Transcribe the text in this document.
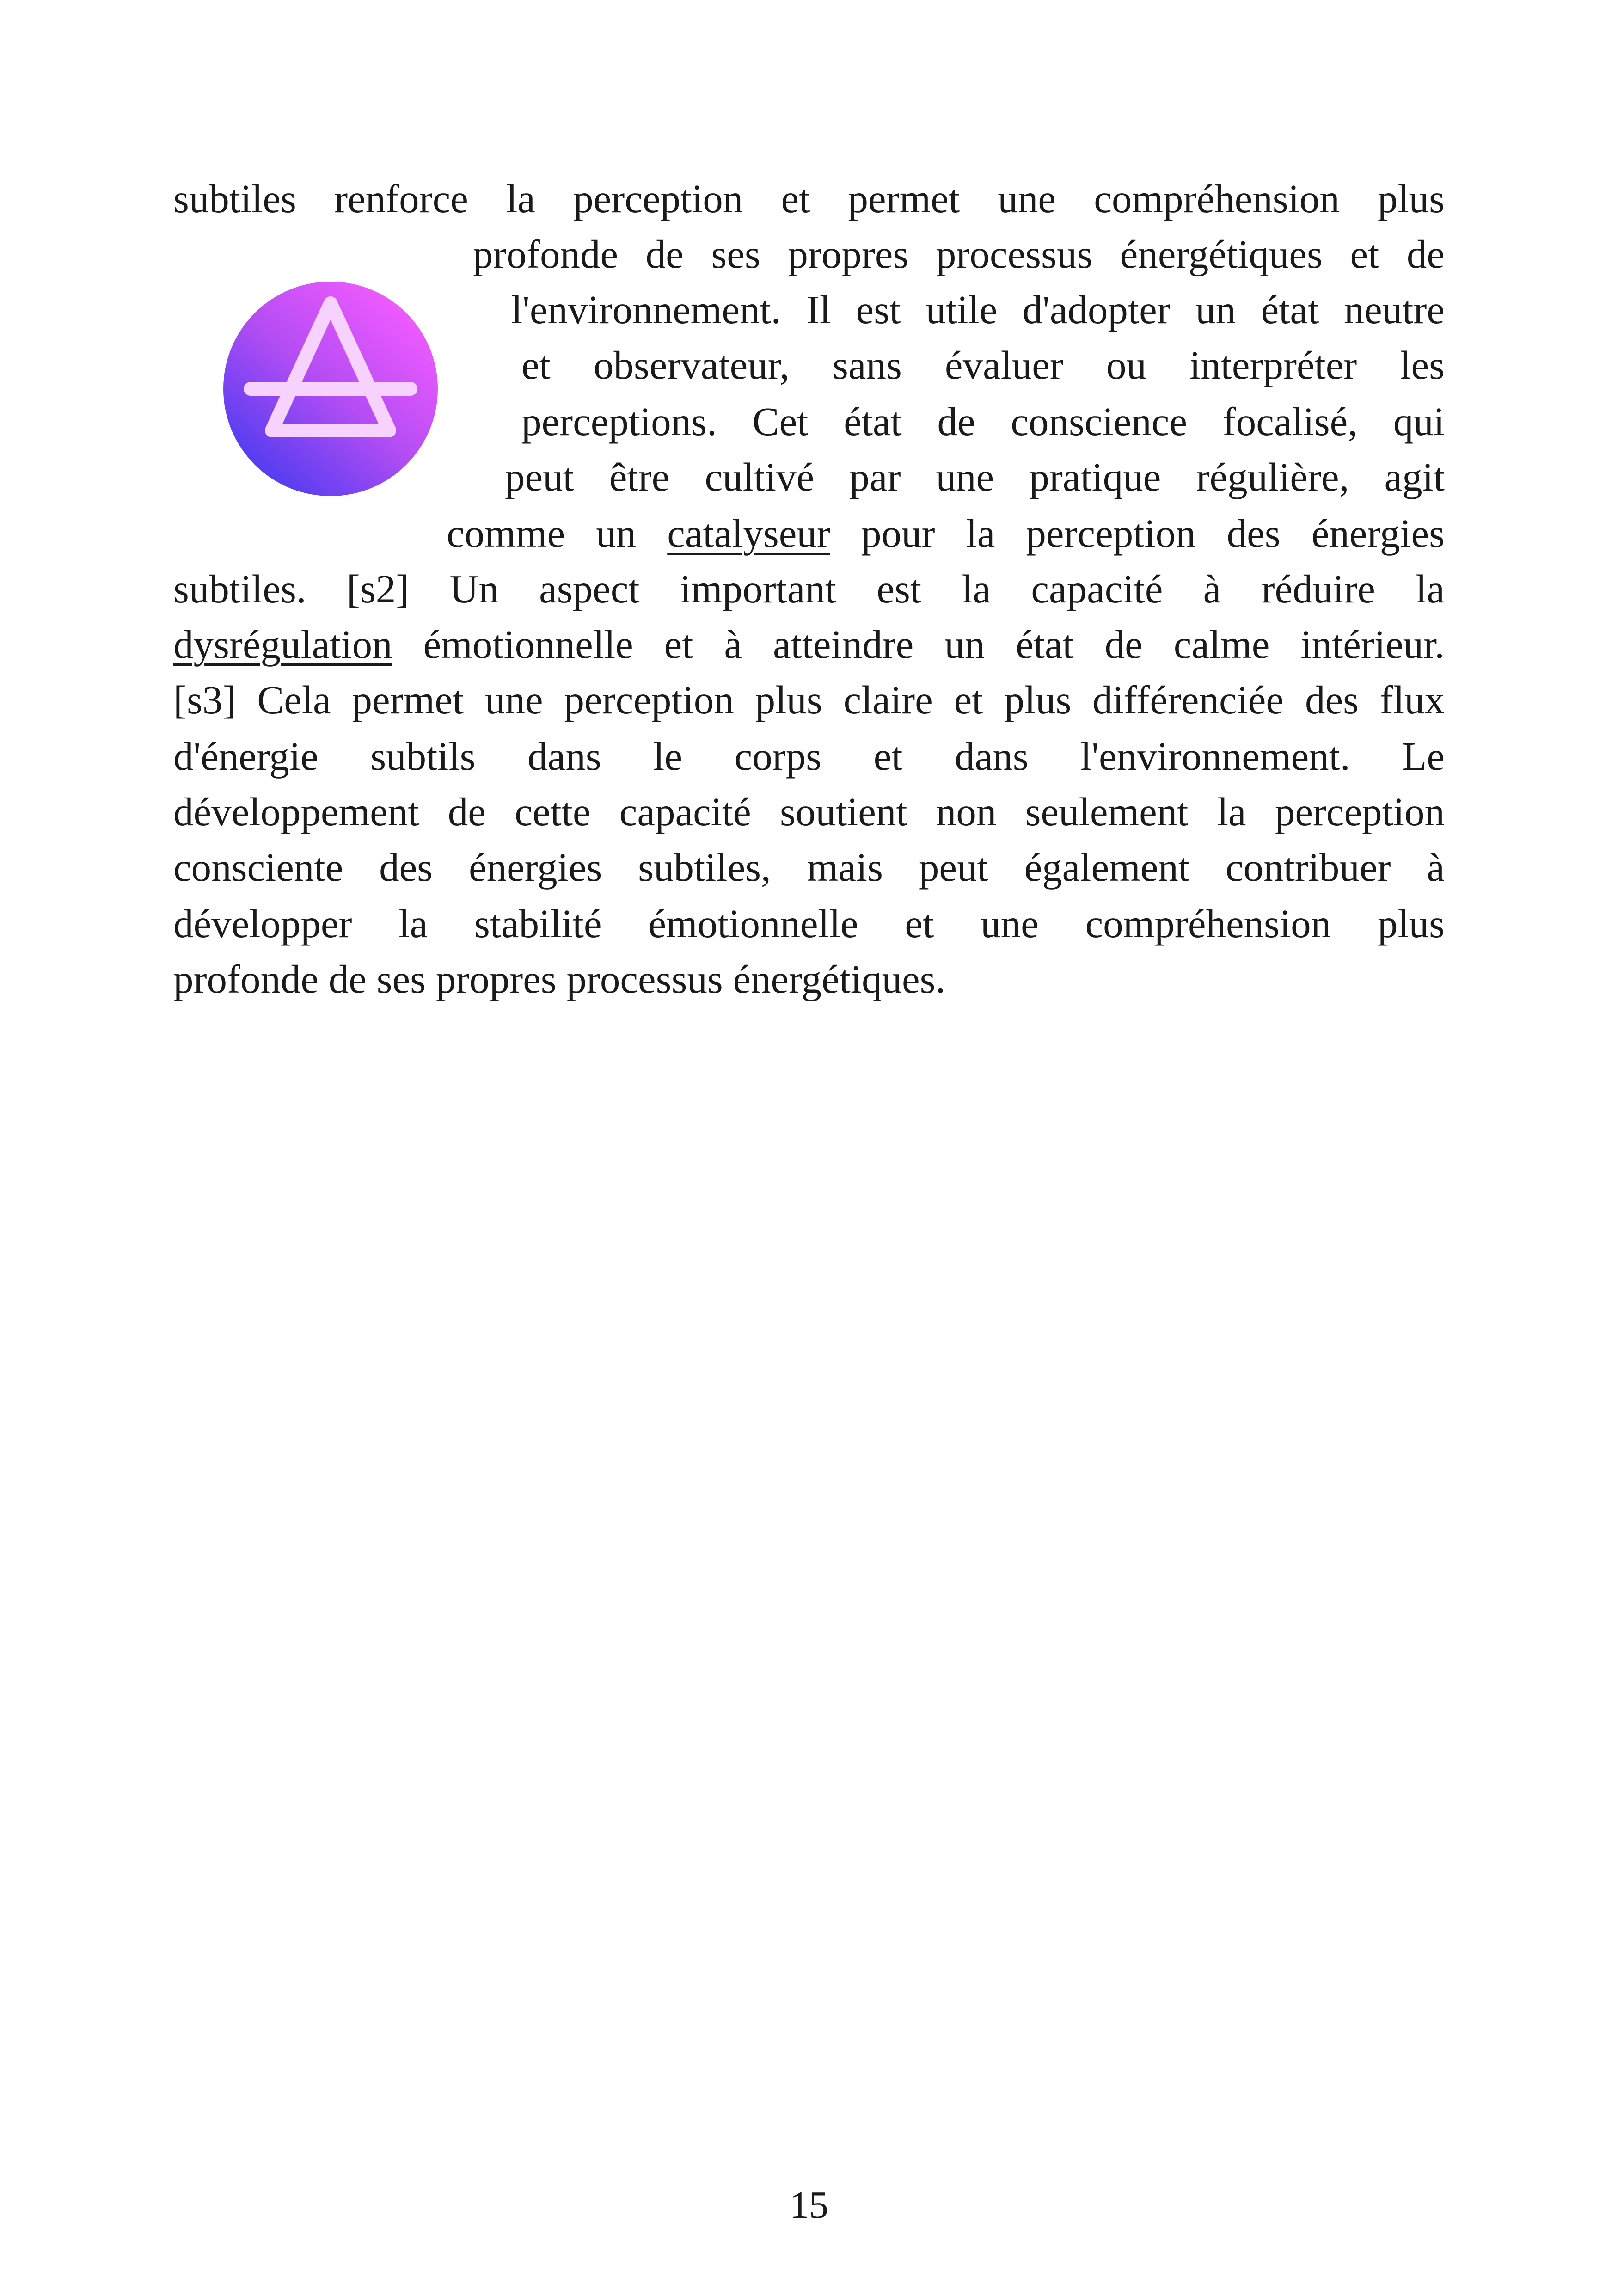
subtiles renforce la perception et permet une compréhension plus
profonde de ses propres processus énergétiques et de
l'environnement. Il est utile d'adopter un état neutre
et observateur, sans évaluer ou interpréter les
perceptions. Cet état de conscience focalisé, qui
peut être cultivé par une pratique régulière, agit
comme un catalyseur pour la perception des énergies
subtiles. [s2] Un aspect important est la capacité à réduire la
dysrégulation émotionnelle et à atteindre un état de calme intérieur.
[s3] Cela permet une perception plus claire et plus différenciée des flux
d'énergie subtils dans le corps et dans l'environnement. Le
développement de cette capacité soutient non seulement la perception
consciente des énergies subtiles, mais peut également contribuer à
développer la stabilité émotionnelle et une compréhension plus
profonde de ses propres processus énergétiques.
15
